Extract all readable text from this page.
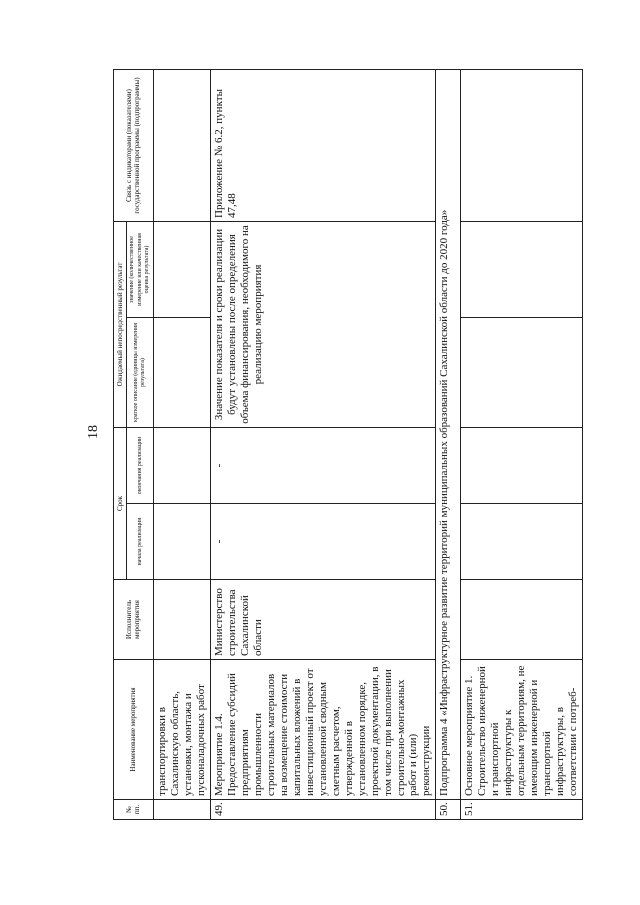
18
№ пп.	Наименование мероприятия	Исполнитель мероприятия	Срок		Ожидаемый непосредственный результат		Связь с индикаторами (показателями) государственной программы (подпрограммы)
			начала реализации	окончания реализации	краткое описание (единицы измерения результата)	значение (количественное измерение или качественная оценка результата)	
	транспортировки в Сахалинскую область, установки, монтажа и пусконаладочных работ						
49.	Мероприятие 1.4. Предоставление субсидий предприятиям промышленности строительных материалов на возмещение стоимости капитальных вложений в инвестиционный проект от установленной сводным сметным расчетом, утвержденной в установленном порядке, проектной документации, в том числе при выполнении строительно-монтажных работ и (или) реконструкции	Министерство строительства Сахалинской области	-	-	Значение показателя и сроки реализации будут установлены после определения объема финансирования, необходимого на реализацию мероприятия		Приложение № 6.2, пункты 47,48
50.	Подпрограмма 4 «Инфраструктурное развитие территорий муниципальных образований Сахалинской области до 2020 года»						
51.	Основное мероприятие 1. Строительство инженерной и транспортной инфраструктуры к отдельным территориям, не имеющим инженерной и транспортной инфраструктуры, в соответствии с потреб-						
